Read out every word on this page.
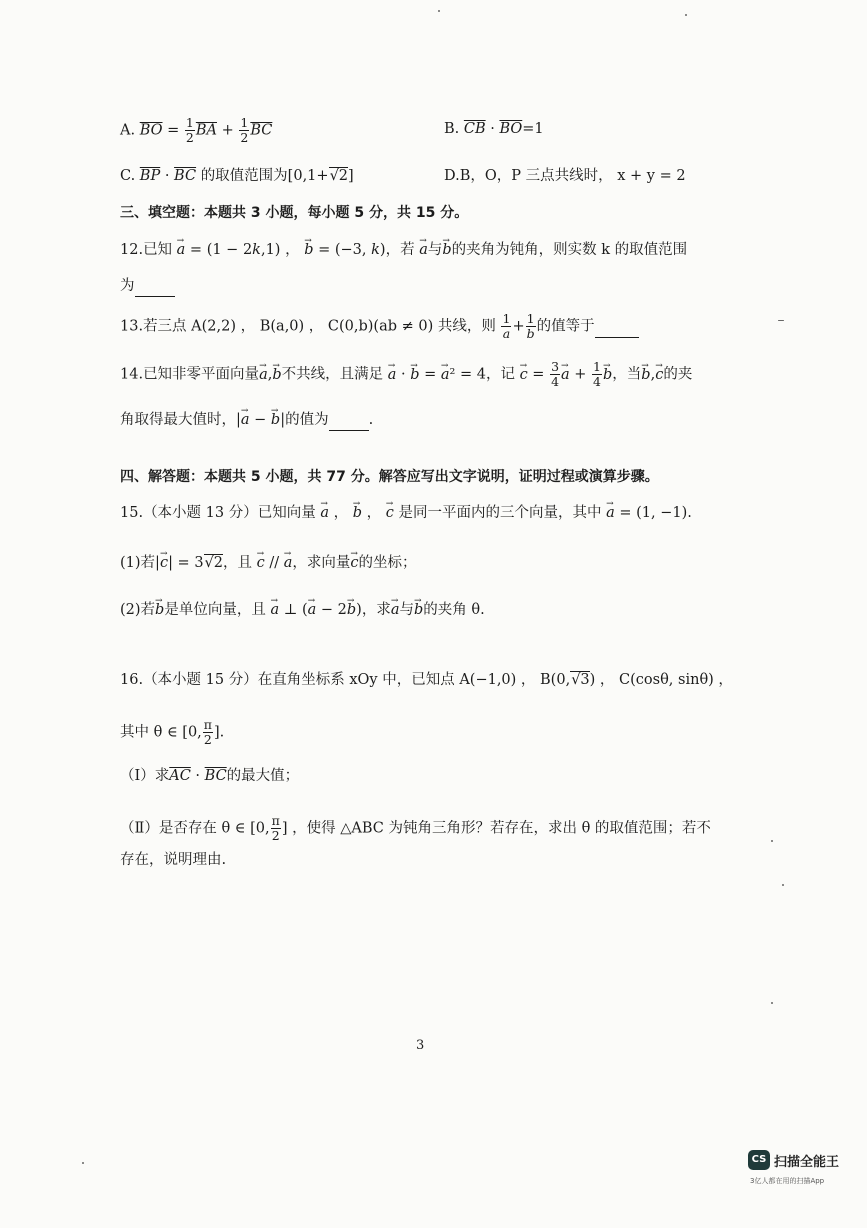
A. $\overline{BO} = \frac{1}{2} \overline{BA} + \frac{1}{2} \overline{BC}$	B. $\overline{CB} \cdot \overline{BO}=1$
C. $\overline{BP} \cdot \overline{BC}$ 的取值范围为[0,1+√2]	D.B，O，P 三点共线时， x + y = 2
三、填空题：本题共 3 小题，每小题 5 分，共 15 分。
12.已知 → a = (1 − 2k,1) ， → b = (−3, k)，若 → a与→ b的夹角为钝角，则实数 k 的取值范围
为
13.若三点 A(2,2) ， B(a,0) ， C(0,b)(ab ≠ 0) 共线，则 $\frac{1}{a} + \frac{1}{b}$ 的值等于
14.已知非零平面向量→ a,→ b不共线，且满足 → a · → b = → a² = 4，记 → $c = \frac{3}{4} \to a + \frac{1}{4} \to b$，当→ b,→ c的夹
角取得最大值时，|→ a − → b|的值为	.
四、解答题：本题共 5 小题，共 77 分。解答应写出文字说明，证明过程或演算步骤。
15.（本小题 13 分）已知向量 → a ， → b ， → c 是同一平面内的三个向量，其中 → a = (1, −1).
(1)若|→ c| = 3√2，且 → c // → a，求向量→ c的坐标；
(2)若→ b是单位向量，且 → a ⊥ (→ a − 2→ b)，求→ a与→ b的夹角 θ.
16.（本小题 15 分）在直角坐标系 xOy 中，已知点 A(−1,0) ， B(0,√3) ， C(cosθ, sinθ) ，
其中 θ ∈ [0, $\frac{\pi}{2}$ ].
（Ⅰ）求$\overline{AC} \cdot \overline{BC}$的最大值；
（Ⅱ）是否存在 θ ∈ [0, $\frac{\pi}{2}$ ] ，使得 △ABC 为钝角三角形？若存在，求出 θ 的取值范围；若不
存在，说明理由.
3
CS 扫描全能王
3亿人都在用的扫描App
